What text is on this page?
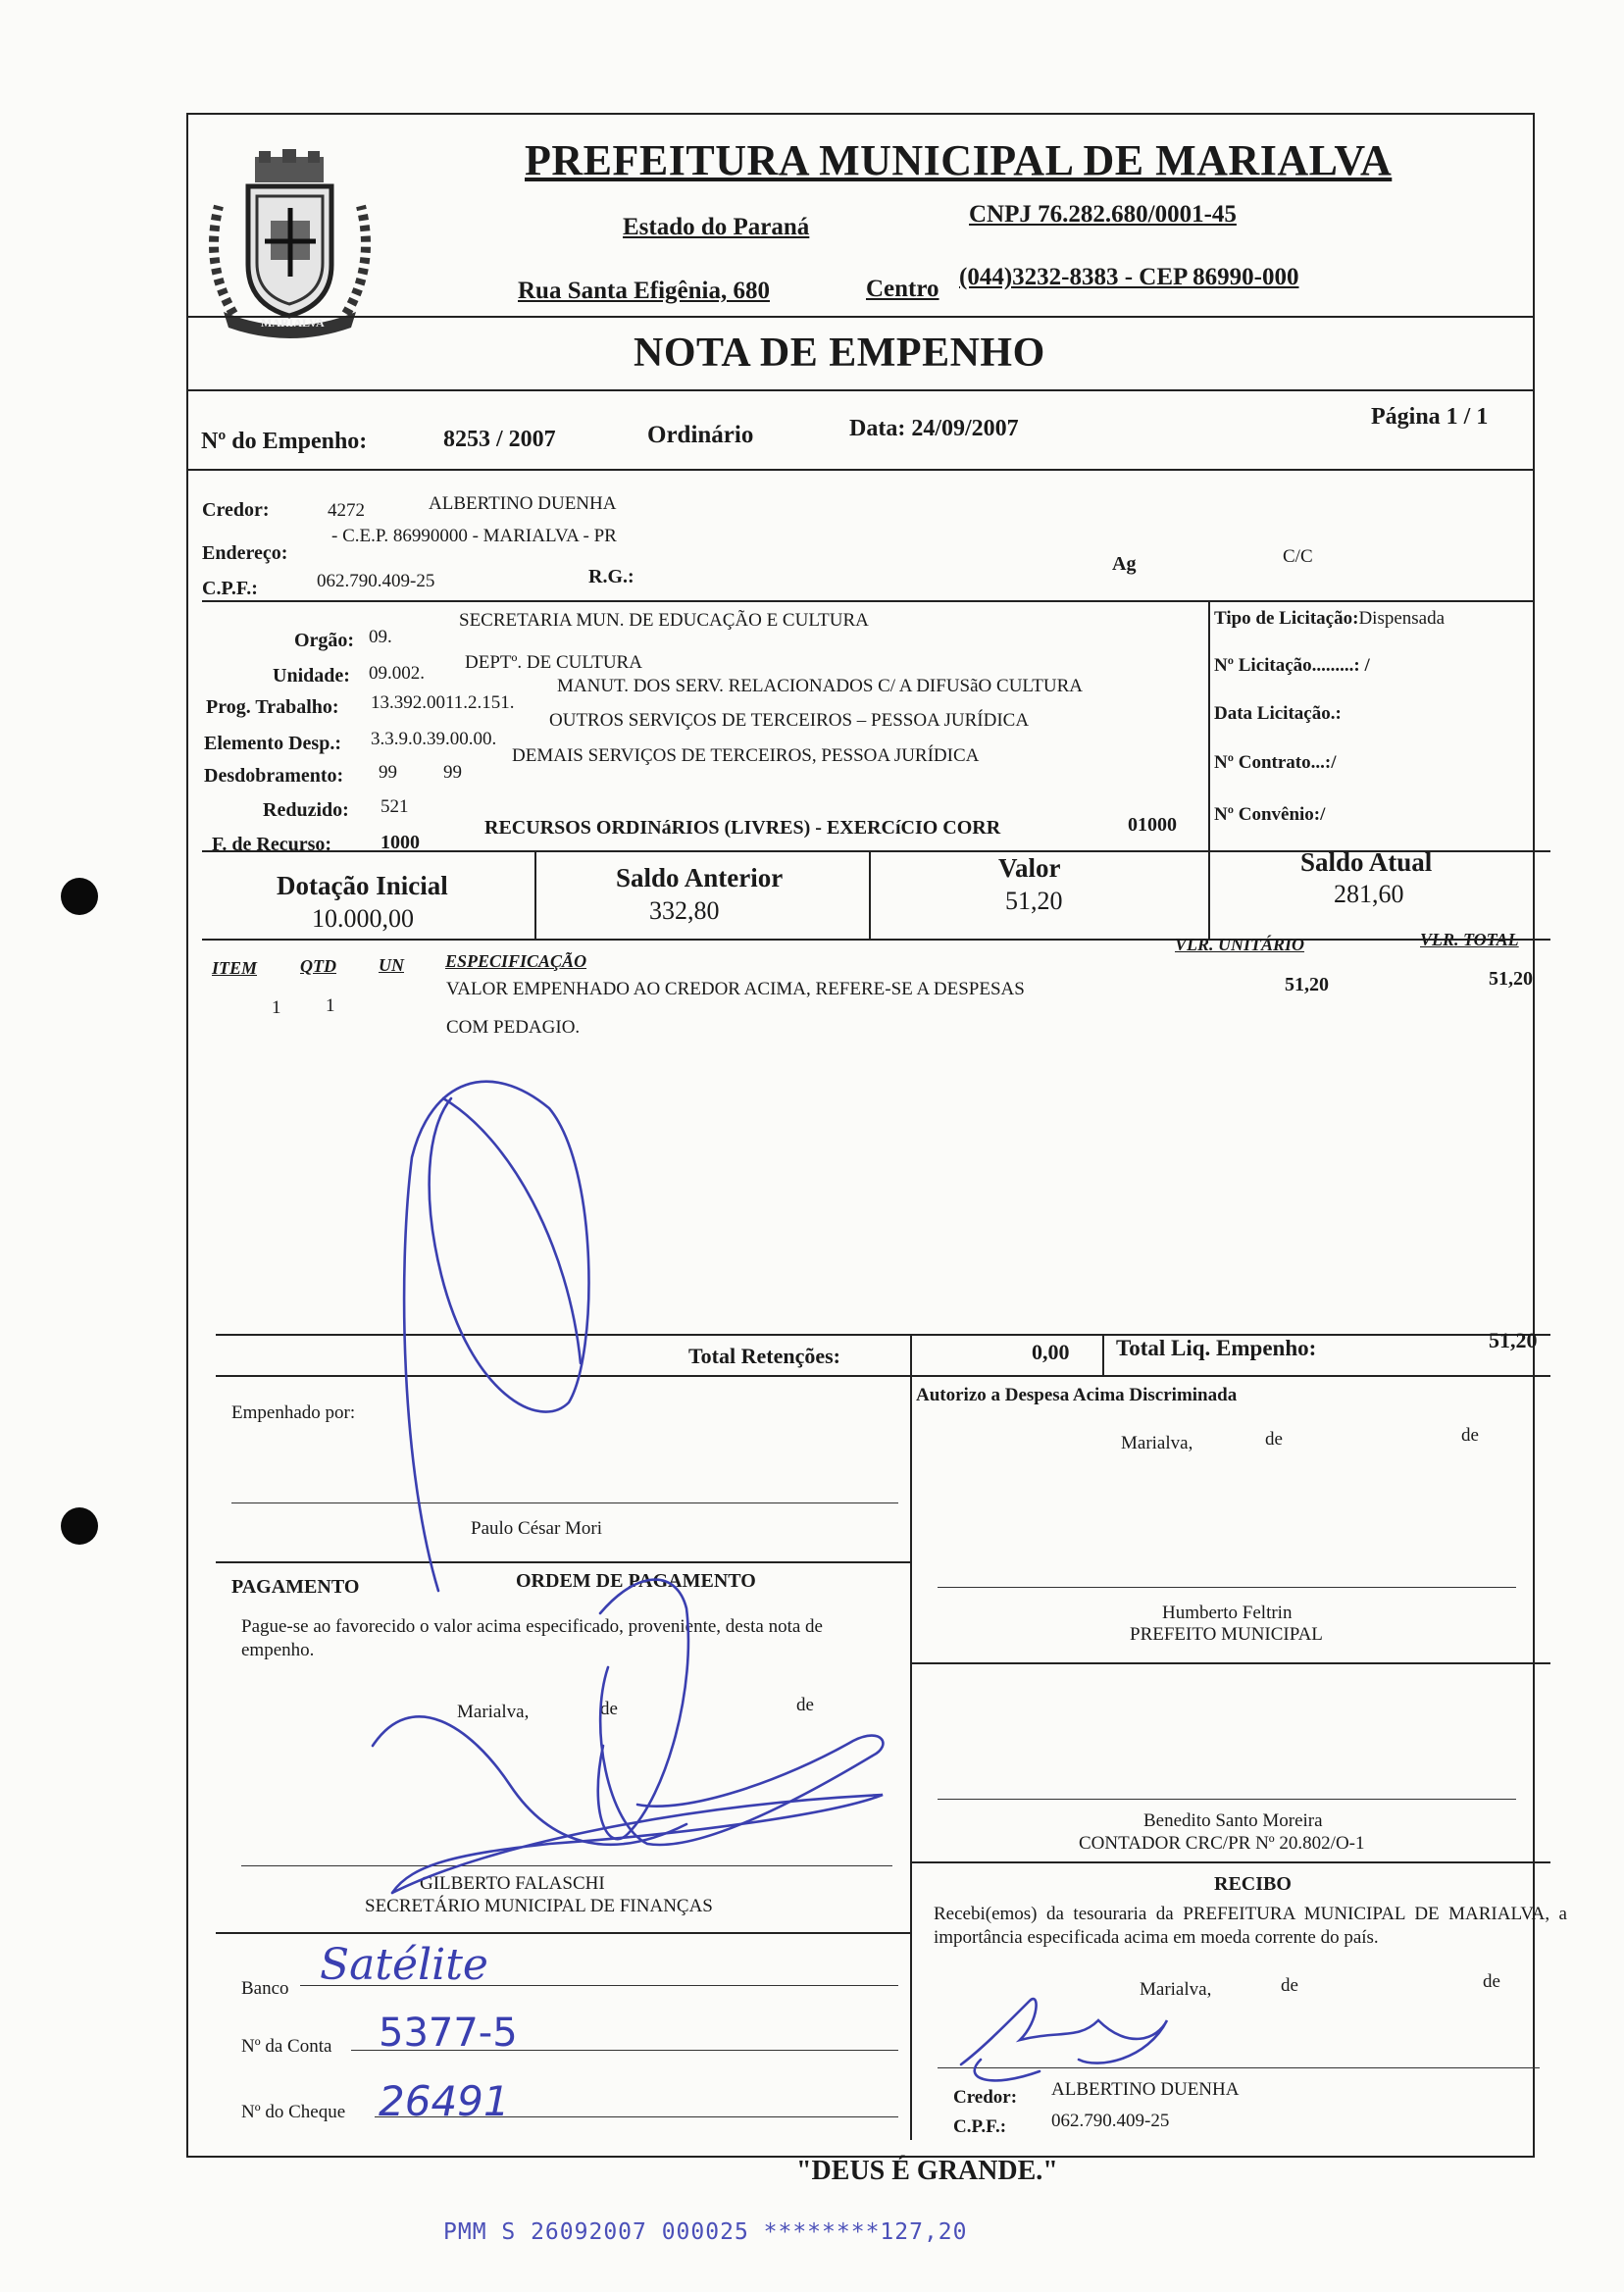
MARIALVA
PREFEITURA MUNICIPAL DE MARIALVA
Estado do Paraná	CNPJ 76.282.680/0001-45
Rua Santa Efigênia, 680	Centro (044)3232-8383 - CEP 86990-000
NOTA DE EMPENHO
Nº do Empenho:	8253 / 2007	Ordinário	Data: 24/09/2007	Página 1 / 1
Credor:	4272	ALBERTINO DUENHA
Endereço:
- C.E.P. 86990000 - MARIALVA - PR
C.P.F.:	062.790.409-25	R.G.:
Ag	C/C
Orgão: 09.
SECRETARIA MUN. DE EDUCAÇÃO E CULTURA
Unidade: 09.002.
DEPTº. DE CULTURA
Prog. Trabalho: 13.392.0011.2.151.
MANUT. DOS SERV. RELACIONADOS C/ A DIFUSãO CULTURA
Elemento Desp.: 3.3.9.0.39.00.00.
OUTROS SERVIÇOS DE TERCEIROS – PESSOA JURÍDICA
Desdobramento: 99 99
DEMAIS SERVIÇOS DE TERCEIROS, PESSOA JURÍDICA
Reduzido: 521
F. de Recurso: 1000
RECURSOS ORDINáRIOS (LIVRES) - EXERCíCIO CORR	01000
Tipo de Licitação:Dispensada
Nº Licitação.........: /
Data Licitação.:
Nº Contrato...:/
Nº Convênio:/
Dotação Inicial
10.000,00
Saldo Anterior
332,80
Valor
51,20
Saldo Atual
281,60
ITEM QTD UN ESPECIFICAÇÃO
VLR. UNITÁRIO	VLR. TOTAL
1 1
VALOR EMPENHADO AO CREDOR ACIMA, REFERE-SE A DESPESAS
COM PEDAGIO.
51,20	51,20
Total Retenções:	0,00 Total Liq. Empenho:	51,20
Empenhado por:
Paulo César Mori
Autorizo a Despesa Acima Discriminada
Marialva,	de	de
Humberto Feltrin
PREFEITO MUNICIPAL
PAGAMENTO	ORDEM DE PAGAMENTO
Pague-se ao favorecido o valor acima especificado, proveniente, desta nota de empenho.
Marialva,	de	de
GILBERTO FALASCHI
SECRETÁRIO MUNICIPAL DE FINANÇAS
Benedito Santo Moreira
CONTADOR CRC/PR Nº 20.802/O-1
Banco Satélite
Nº da Conta 5377-5
Nº do Cheque 26491
RECIBO
Recebi(emos) da tesouraria da PREFEITURA MUNICIPAL DE MARIALVA, a importância especificada acima em moeda corrente do país.
Marialva,	de	de
Credor: ALBERTINO DUENHA
C.P.F.: 062.790.409-25
"DEUS É GRANDE."
PMM S 26092007 000025 ********127,20
